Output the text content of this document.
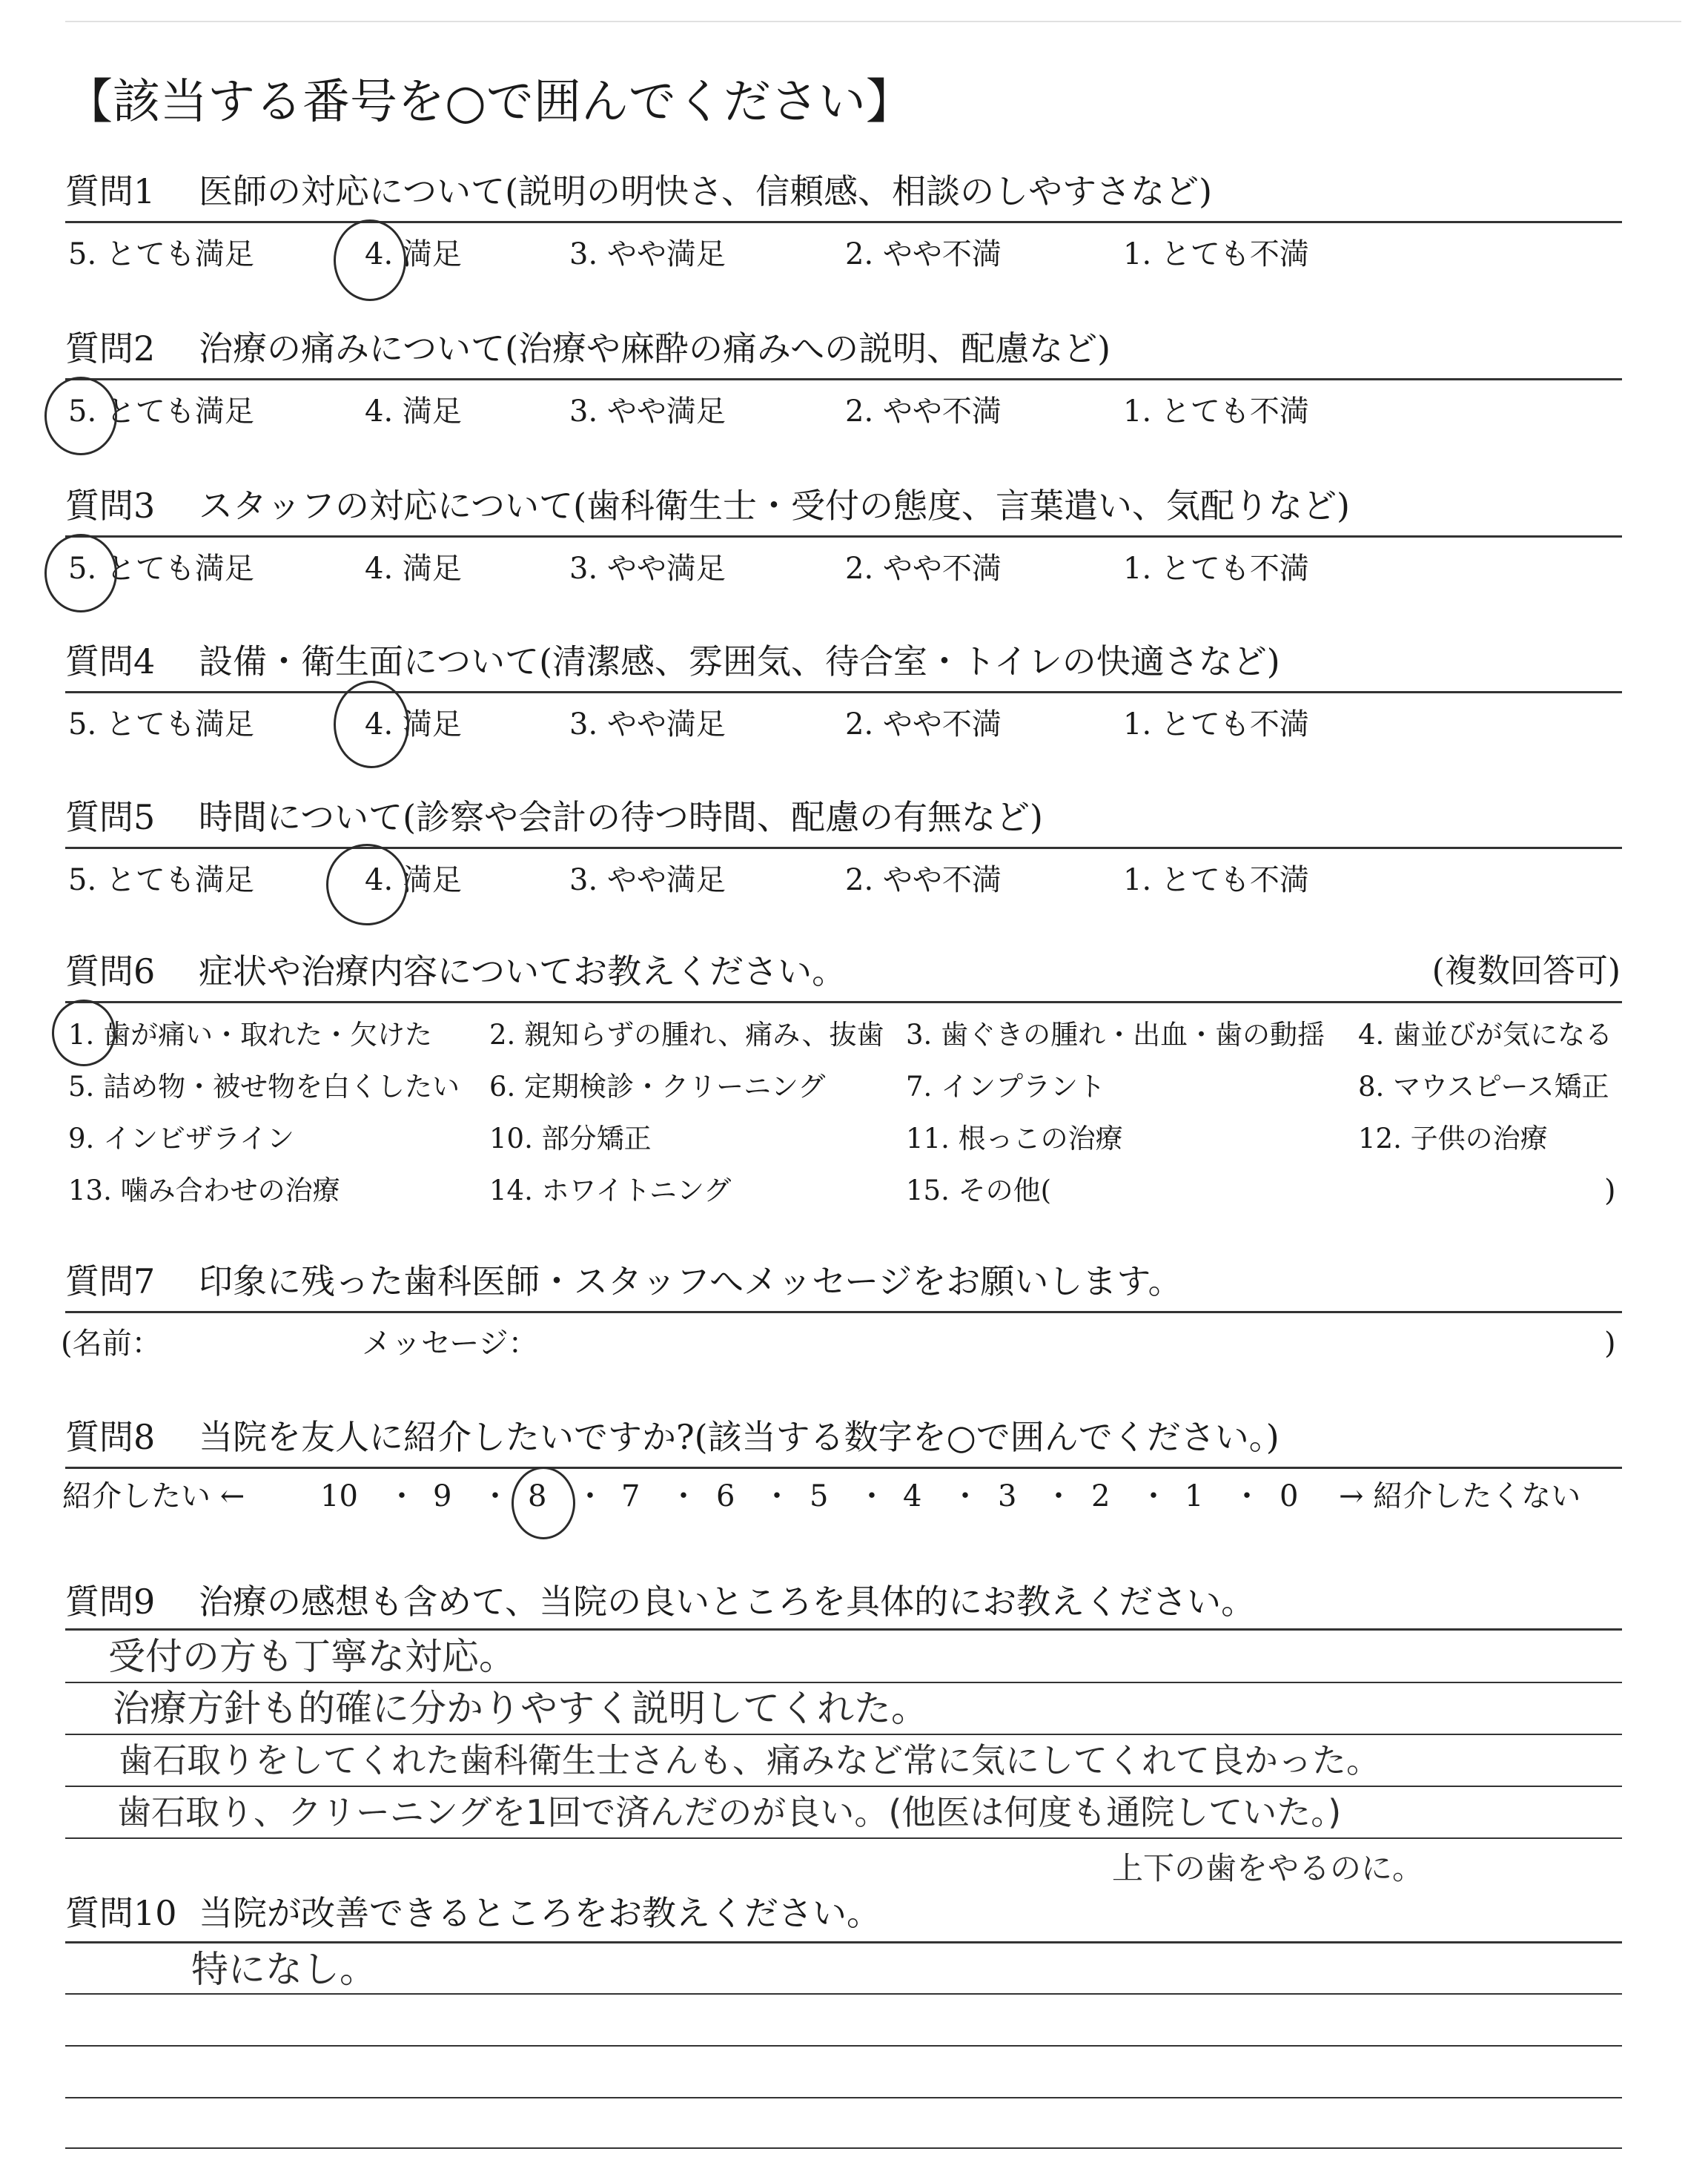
【該当する番号を○で囲んでください】
質問1 医師の対応について(説明の明快さ、信頼感、相談のしやすさなど)
5. とても満足	4. 満足	3. やや満足	2. やや不満	1. とても不満
質問2 治療の痛みについて(治療や麻酔の痛みへの説明、配慮など)
5. とても満足	4. 満足	3. やや満足	2. やや不満	1. とても不満
質問3 スタッフの対応について(歯科衛生士・受付の態度、言葉遣い、気配りなど)
5. とても満足	4. 満足	3. やや満足	2. やや不満	1. とても不満
質問4 設備・衛生面について(清潔感、雰囲気、待合室・トイレの快適さなど)
5. とても満足	4. 満足	3. やや満足	2. やや不満	1. とても不満
質問5 時間について(診察や会計の待つ時間、配慮の有無など)
5. とても満足	4. 満足	3. やや満足	2. やや不満	1. とても不満
質問6 症状や治療内容についてお教えください。	(複数回答可)
1. 歯が痛い・取れた・欠けた 2. 親知らずの腫れ、痛み、抜歯 3. 歯ぐきの腫れ・出血・歯の動揺 4. 歯並びが気になる
5. 詰め物・被せ物を白くしたい 6. 定期検診・クリーニング	7. インプラント	8. マウスピース矯正
9. インビザライン	10. 部分矯正	11. 根っこの治療	12. 子供の治療
13. 噛み合わせの治療	14. ホワイトニング	15. その他(	)
質問7 印象に残った歯科医師・スタッフへメッセージをお願いします。
(名前：	メッセージ：	)
質問8 当院を友人に紹介したいですか?(該当する数字を○で囲んでください。)
紹介したい ←	10 ・ 9 ・ 8 ・ 7 ・ 6 ・ 5 ・ 4 ・ 3 ・ 2 ・ 1 ・ 0 → 紹介したくない
質問9 治療の感想も含めて、当院の良いところを具体的にお教えください。
受付の方も丁寧な対応。
治療方針も的確に分かりやすく説明してくれた。
歯石取りをしてくれた歯科衛生士さんも、痛みなど常に気にしてくれて良かった。
歯石取り、クリーニングを1回で済んだのが良い。(他医は何度も通院していた。)
上下の歯をやるのに。
質問10 当院が改善できるところをお教えください。
特になし。
